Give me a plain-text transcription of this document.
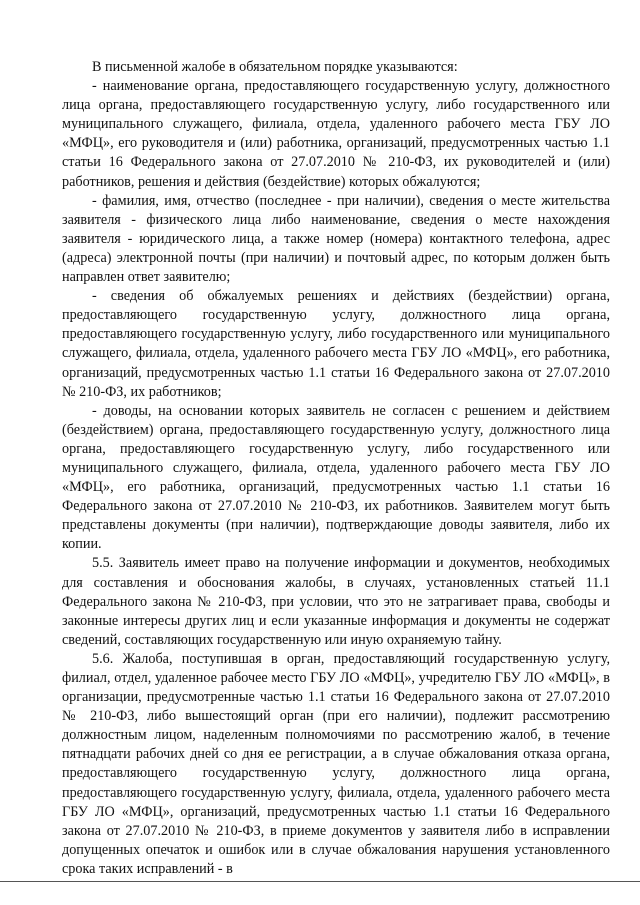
В письменной жалобе в обязательном порядке указываются:

- наименование органа, предоставляющего государственную услугу, должностного лица органа, предоставляющего государственную услугу, либо государственного или муниципального служащего, филиала, отдела, удаленного рабочего места ГБУ ЛО «МФЦ», его руководителя и (или) работника, организаций, предусмотренных частью 1.1 статьи 16 Федерального закона от 27.07.2010 № 210-ФЗ, их руководителей и (или) работников, решения и действия (бездействие) которых обжалуются;

- фамилия, имя, отчество (последнее - при наличии), сведения о месте жительства заявителя - физического лица либо наименование, сведения о месте нахождения заявителя - юридического лица, а также номер (номера) контактного телефона, адрес (адреса) электронной почты (при наличии) и почтовый адрес, по которым должен быть направлен ответ заявителю;

- сведения об обжалуемых решениях и действиях (бездействии) органа, предоставляющего государственную услугу, должностного лица органа, предоставляющего государственную услугу, либо государственного или муниципального служащего, филиала, отдела, удаленного рабочего места ГБУ ЛО «МФЦ», его работника, организаций, предусмотренных частью 1.1 статьи 16 Федерального закона от 27.07.2010 № 210-ФЗ, их работников;

- доводы, на основании которых заявитель не согласен с решением и действием (бездействием) органа, предоставляющего государственную услугу, должностного лица органа, предоставляющего государственную услугу, либо государственного или муниципального служащего, филиала, отдела, удаленного рабочего места ГБУ ЛО «МФЦ», его работника, организаций, предусмотренных частью 1.1 статьи 16 Федерального закона от 27.07.2010 № 210-ФЗ, их работников. Заявителем могут быть представлены документы (при наличии), подтверждающие доводы заявителя, либо их копии.

5.5. Заявитель имеет право на получение информации и документов, необходимых для составления и обоснования жалобы, в случаях, установленных статьей 11.1 Федерального закона № 210-ФЗ, при условии, что это не затрагивает права, свободы и законные интересы других лиц и если указанные информация и документы не содержат сведений, составляющих государственную или иную охраняемую тайну.

5.6. Жалоба, поступившая в орган, предоставляющий государственную услугу, филиал, отдел, удаленное рабочее место ГБУ ЛО «МФЦ», учредителю ГБУ ЛО «МФЦ», в организации, предусмотренные частью 1.1 статьи 16 Федерального закона от 27.07.2010 № 210-ФЗ, либо вышестоящий орган (при его наличии), подлежит рассмотрению должностным лицом, наделенным полномочиями по рассмотрению жалоб, в течение пятнадцати рабочих дней со дня ее регистрации, а в случае обжалования отказа органа, предоставляющего государственную услугу, должностного лица органа, предоставляющего государственную услугу, филиала, отдела, удаленного рабочего места ГБУ ЛО «МФЦ», организаций, предусмотренных частью 1.1 статьи 16 Федерального закона от 27.07.2010 № 210-ФЗ, в приеме документов у заявителя либо в исправлении допущенных опечаток и ошибок или в случае обжалования нарушения установленного срока таких исправлений - в
